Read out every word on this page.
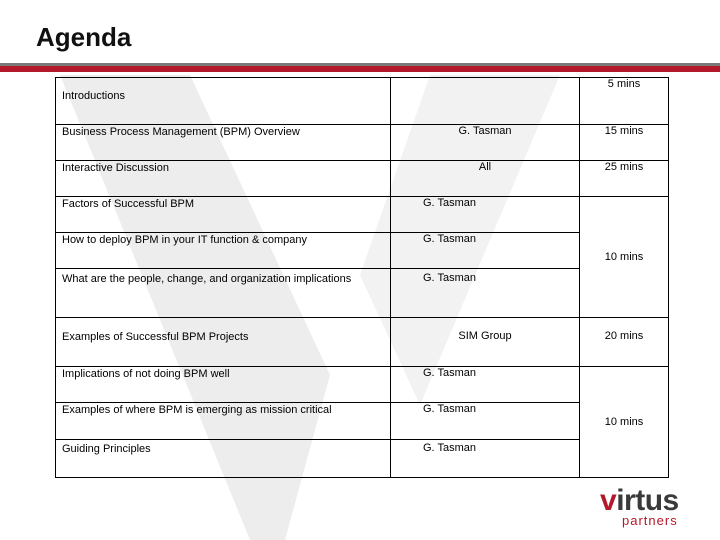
Agenda
Introductions		5 mins
Business Process Management (BPM) Overview	G. Tasman	15 mins
Interactive Discussion	All	25 mins
Factors of Successful BPM	G. Tasman	10 mins
How to deploy BPM in your IT function & company	G. Tasman	
What are the people, change, and organization implications	G. Tasman	
Examples of Successful BPM Projects	SIM Group	20 mins
Implications of not doing BPM well	G. Tasman	10 mins
Examples of where BPM is emerging as mission critical	G. Tasman	
Guiding Principles	G. Tasman	
virtus
partners
